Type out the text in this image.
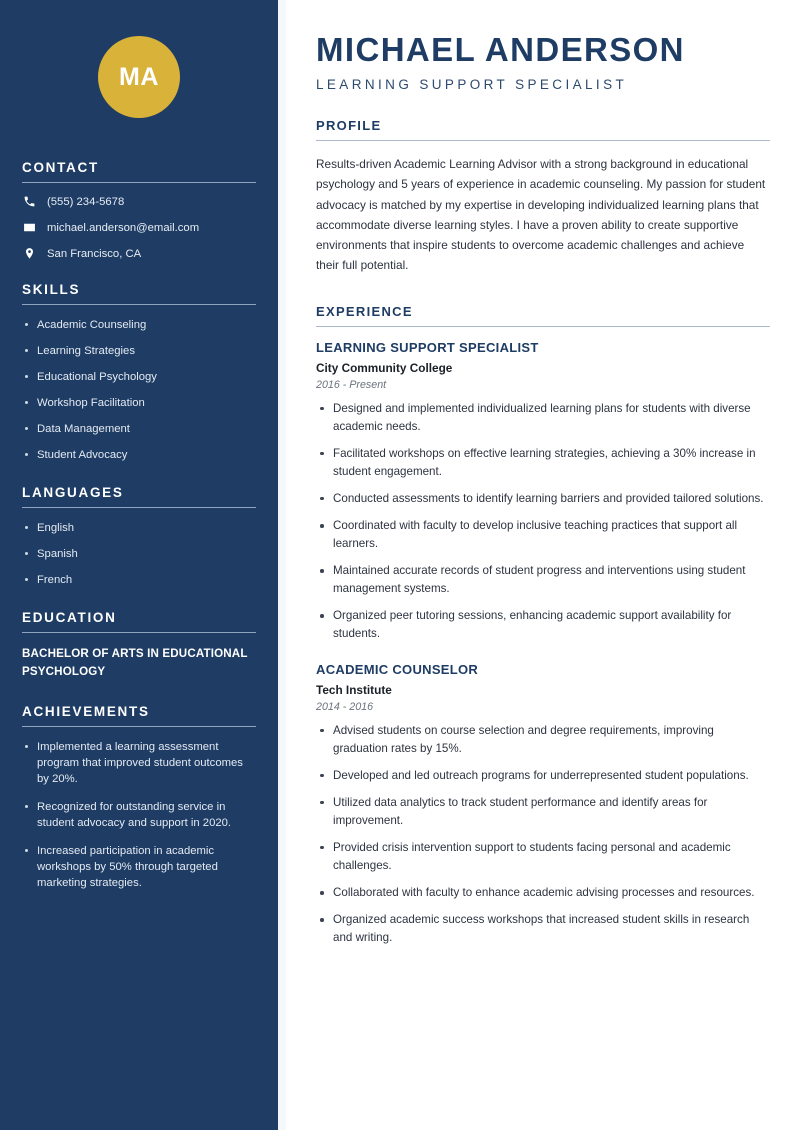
MA
CONTACT
(555) 234-5678
michael.anderson@email.com
San Francisco, CA
SKILLS
Academic Counseling
Learning Strategies
Educational Psychology
Workshop Facilitation
Data Management
Student Advocacy
LANGUAGES
English
Spanish
French
EDUCATION
BACHELOR OF ARTS IN EDUCATIONAL PSYCHOLOGY
ACHIEVEMENTS
Implemented a learning assessment program that improved student outcomes by 20%.
Recognized for outstanding service in student advocacy and support in 2020.
Increased participation in academic workshops by 50% through targeted marketing strategies.
MICHAEL ANDERSON
LEARNING SUPPORT SPECIALIST
PROFILE

Results-driven Academic Learning Advisor with a strong background in educational psychology and 5 years of experience in academic counseling. My passion for student advocacy is matched by my expertise in developing individualized learning plans that accommodate diverse learning styles. I have a proven ability to create supportive environments that inspire students to overcome academic challenges and achieve their full potential.

EXPERIENCE
LEARNING SUPPORT SPECIALIST
City Community College
2016 - Present
Designed and implemented individualized learning plans for students with diverse academic needs.
Facilitated workshops on effective learning strategies, achieving a 30% increase in student engagement.
Conducted assessments to identify learning barriers and provided tailored solutions.
Coordinated with faculty to develop inclusive teaching practices that support all learners.
Maintained accurate records of student progress and interventions using student management systems.
Organized peer tutoring sessions, enhancing academic support availability for students.
ACADEMIC COUNSELOR
Tech Institute
2014 - 2016
Advised students on course selection and degree requirements, improving graduation rates by 15%.
Developed and led outreach programs for underrepresented student populations.
Utilized data analytics to track student performance and identify areas for improvement.
Provided crisis intervention support to students facing personal and academic challenges.
Collaborated with faculty to enhance academic advising processes and resources.
Organized academic success workshops that increased student skills in research and writing.
